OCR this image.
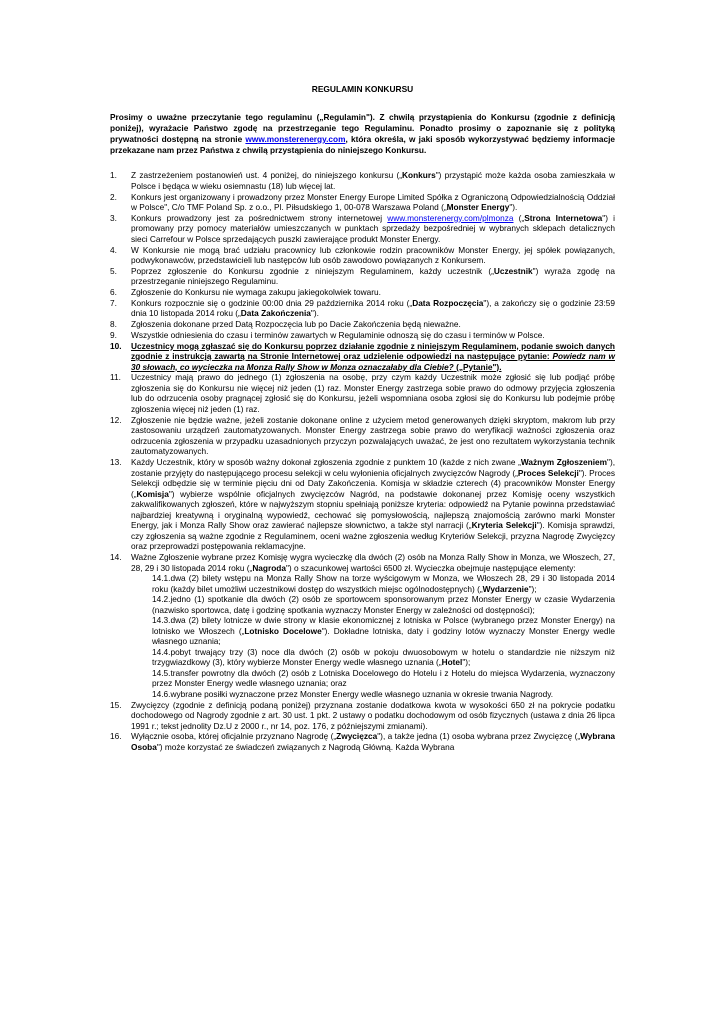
REGULAMIN KONKURSU
Prosimy o uważne przeczytanie tego regulaminu („Regulamin"). Z chwilą przystąpienia do Konkursu (zgodnie z definicją poniżej), wyrażacie Państwo zgodę na przestrzeganie tego Regulaminu. Ponadto prosimy o zapoznanie się z polityką prywatności dostępną na stronie www.monsterenergy.com, która określa, w jaki sposób wykorzystywać będziemy informacje przekazane nam przez Państwa z chwilą przystąpienia do niniejszego Konkursu.
1. Z zastrzeżeniem postanowień ust. 4 poniżej, do niniejszego konkursu („Konkurs") przystąpić może każda osoba zamieszkała w Polsce i będąca w wieku osiemnastu (18) lub więcej lat.
2. Konkurs jest organizowany i prowadzony przez Monster Energy Europe Limited Spółka z Ograniczoną Odpowiedzialnością Oddział w Polsce", C/o TMF Poland Sp. z o.o., Pl. Piłsudskiego 1, 00-078 Warszawa Poland („Monster Energy").
3. Konkurs prowadzony jest za pośrednictwem strony internetowej www.monsterenergy.com/plmonza („Strona Internetowa") i promowany przy pomocy materiałów umieszczanych w punktach sprzedaży bezpośredniej w wybranych sklepach detalicznych sieci Carrefour w Polsce sprzedających puszki zawierające produkt Monster Energy.
4. W Konkursie nie mogą brać udziału pracownicy lub członkowie rodzin pracowników Monster Energy, jej spółek powiązanych, podwykonawców, przedstawicieli lub następców lub osób zawodowo powiązanych z Konkursem.
5. Poprzez zgłoszenie do Konkursu zgodnie z niniejszym Regulaminem, każdy uczestnik („Uczestnik") wyraża zgodę na przestrzeganie niniejszego Regulaminu.
6. Zgłoszenie do Konkursu nie wymaga zakupu jakiegokolwiek towaru.
7. Konkurs rozpocznie się o godzinie 00:00 dnia 29 października 2014 roku („Data Rozpoczęcia"), a zakończy się o godzinie 23:59 dnia 10 listopada 2014 roku („Data Zakończenia").
8. Zgłoszenia dokonane przed Datą Rozpoczęcia lub po Dacie Zakończenia będą nieważne.
9. Wszystkie odniesienia do czasu i terminów zawartych w Regulaminie odnoszą się do czasu i terminów w Polsce.
10. Uczestnicy mogą zgłaszać się do Konkursu poprzez działanie zgodnie z niniejszym Regulaminem, podanie swoich danych zgodnie z instrukcją zawartą na Stronie Internetowej oraz udzielenie odpowiedzi na następujące pytanie: Powiedz nam w 30 słowach, co wycieczka na Monza Rally Show w Monza oznaczałaby dla Ciebie? („Pytanie").
11. Uczestnicy mają prawo do jednego (1) zgłoszenia na osobę, przy czym każdy Uczestnik może zgłosić się lub podjąć próbę zgłoszenia się do Konkursu nie więcej niż jeden (1) raz. Monster Energy zastrzega sobie prawo do odmowy przyjęcia zgłoszenia lub do odrzucenia osoby pragnącej zgłosić się do Konkursu, jeżeli wspomniana osoba zgłosi się do Konkursu lub podejmie próbę zgłoszenia więcej niż jeden (1) raz.
12. Zgłoszenie nie będzie ważne, jeżeli zostanie dokonane online z użyciem metod generowanych dzięki skryptom, makrom lub przy zastosowaniu urządzeń zautomatyzowanych. Monster Energy zastrzega sobie prawo do weryfikacji ważności zgłoszenia oraz odrzucenia zgłoszenia w przypadku uzasadnionych przyczyn pozwalających uważać, że jest ono rezultatem wykorzystania technik zautomatyzowanych.
13. Każdy Uczestnik, który w sposób ważny dokonał zgłoszenia zgodnie z punktem 10 (każde z nich zwane „Ważnym Zgłoszeniem"), zostanie przyjęty do następującego procesu selekcji w celu wyłonienia oficjalnych zwycięzców Nagrody („Proces Selekcji"). Proces Selekcji odbędzie się w terminie pięciu dni od Daty Zakończenia. Komisja w składzie czterech (4) pracowników Monster Energy („Komisja") wybierze wspólnie oficjalnych zwycięzców Nagród, na podstawie dokonanej przez Komisję oceny wszystkich zakwalifikowanych zgłoszeń, które w najwyższym stopniu spełniają poniższe kryteria: odpowiedź na Pytanie powinna przedstawiać najbardziej kreatywną i oryginalną wypowiedź, cechować się pomysłowością, najlepszą znajomością zarówno marki Monster Energy, jak i Monza Rally Show oraz zawierać najlepsze słownictwo, a także styl narracji („Kryteria Selekcji"). Komisja sprawdzi, czy zgłoszenia są ważne zgodnie z Regulaminem, oceni ważne zgłoszenia według Kryteriów Selekcji, przyzna Nagrodę Zwycięzcy oraz przeprowadzi postępowania reklamacyjne.
14. Ważne Zgłoszenie wybrane przez Komisję wygra wycieczkę dla dwóch (2) osób na Monza Rally Show in Monza, we Włoszech, 27, 28, 29 i 30 listopada 2014 roku („Nagroda") o szacunkowej wartości 6500 zł. Wycieczka obejmuje następujące elementy:
14.1.dwa (2) bilety wstępu na Monza Rally Show na torze wyścigowym w Monza, we Włoszech 28, 29 i 30 listopada 2014 roku (każdy bilet umożliwi uczestnikowi dostęp do wszystkich miejsc ogólnodostępnych) („Wydarzenie");
14.2.jedno (1) spotkanie dla dwóch (2) osób ze sportowcem sponsorowanym przez Monster Energy w czasie Wydarzenia (nazwisko sportowca, datę i godzinę spotkania wyznaczy Monster Energy w zależności od dostępności);
14.3.dwa (2) bilety lotnicze w dwie strony w klasie ekonomicznej z lotniska w Polsce (wybranego przez Monster Energy) na lotnisko we Włoszech („Lotnisko Docelowe"). Dokładne lotniska, daty i godziny lotów wyznaczy Monster Energy wedle własnego uznania;
14.4.pobyt trwający trzy (3) noce dla dwóch (2) osób w pokoju dwuosobowym w hotelu o standardzie nie niższym niż trzygwiazdkowy (3), który wybierze Monster Energy wedle własnego uznania („Hotel");
14.5.transfer powrotny dla dwóch (2) osób z Lotniska Docelowego do Hotelu i z Hotelu do miejsca Wydarzenia, wyznaczony przez Monster Energy wedle własnego uznania; oraz
14.6.wybrane posiłki wyznaczone przez Monster Energy wedle własnego uznania w okresie trwania Nagrody.
15. Zwycięzcy (zgodnie z definicją podaną poniżej) przyznana zostanie dodatkowa kwota w wysokości 650 zł na pokrycie podatku dochodowego od Nagrody zgodnie z art. 30 ust. 1 pkt. 2 ustawy o podatku dochodowym od osób fizycznych (ustawa z dnia 26 lipca 1991 r.; tekst jednolity Dz.U z 2000 r., nr 14, poz. 176, z późniejszymi zmianami).
16. Wyłącznie osoba, której oficjalnie przyznano Nagrodę („Zwycięzca"), a także jedna (1) osoba wybrana przez Zwycięzcę („Wybrana Osoba") może korzystać ze świadczeń związanych z Nagrodą Główną. Każda Wybrana
